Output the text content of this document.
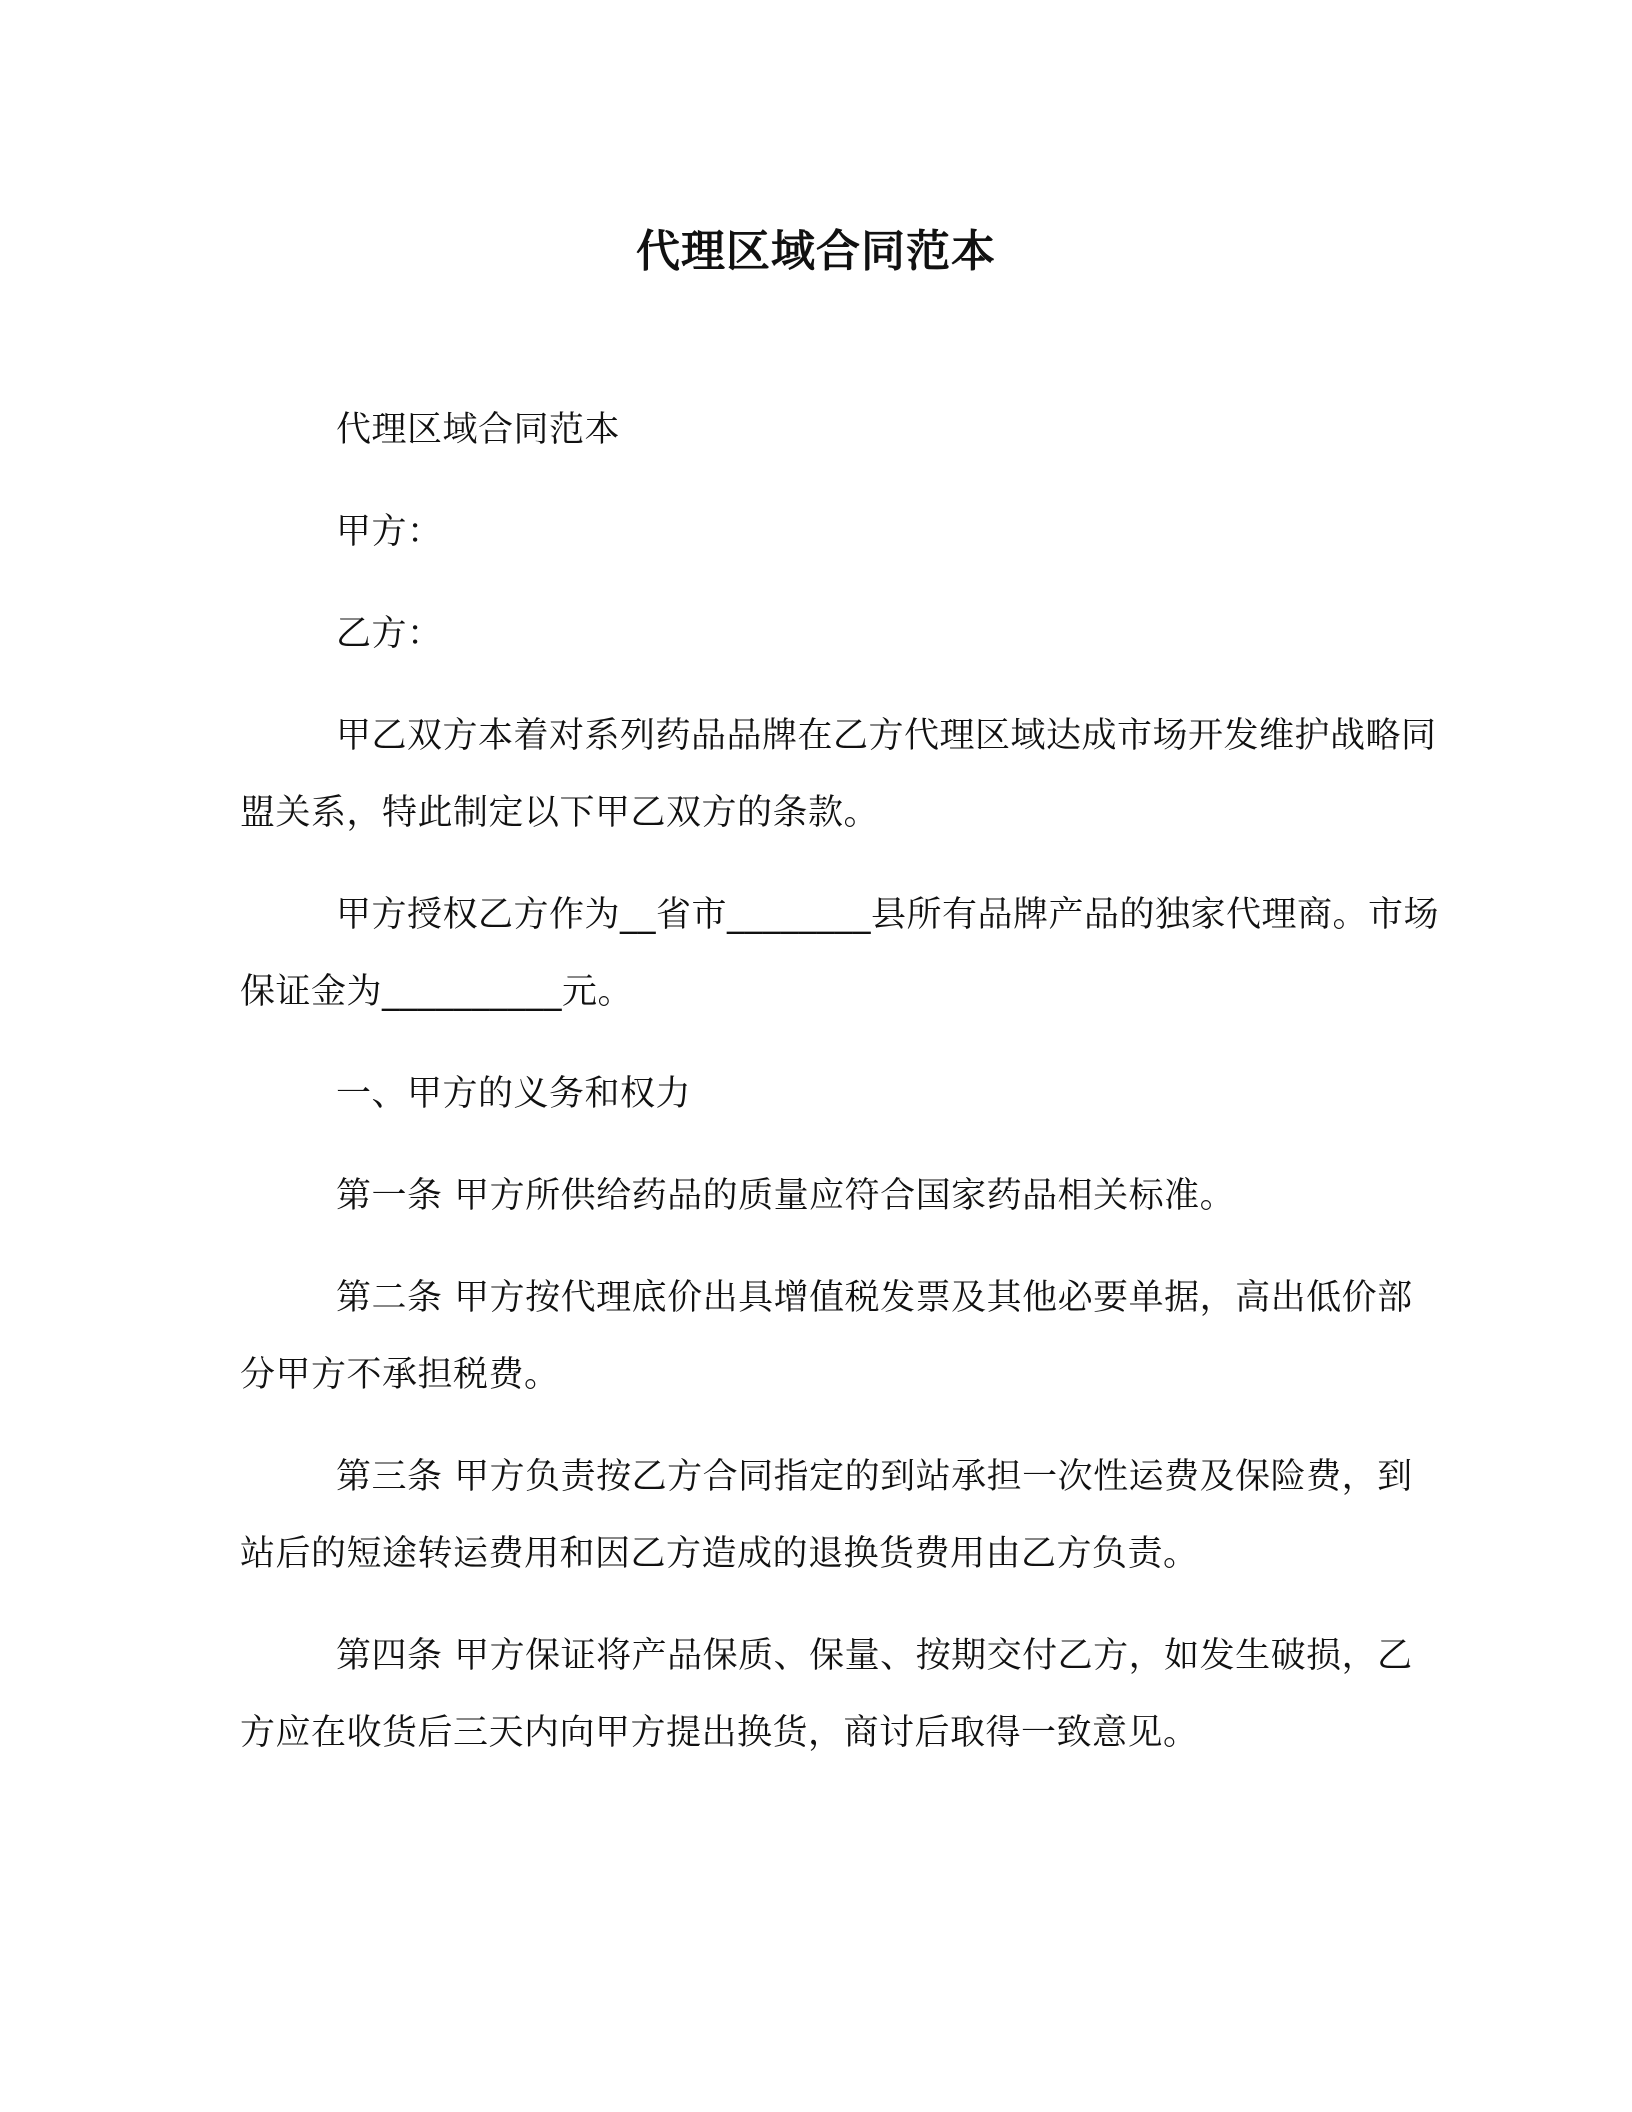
代理区域合同范本

代理区域合同范本

甲方：

乙方：

甲乙双方本着对系列药品品牌在乙方代理区域达成市场开发维护战略同盟关系，特此制定以下甲乙双方的条款。

甲方授权乙方作为__省市________县所有品牌产品的独家代理商。市场保证金为__________元。

一、甲方的义务和权力

第一条 甲方所供给药品的质量应符合国家药品相关标准。

第二条 甲方按代理底价出具增值税发票及其他必要单据，高出低价部分甲方不承担税费。

第三条 甲方负责按乙方合同指定的到站承担一次性运费及保险费，到站后的短途转运费用和因乙方造成的退换货费用由乙方负责。

第四条 甲方保证将产品保质、保量、按期交付乙方，如发生破损，乙方应在收货后三天内向甲方提出换货，商讨后取得一致意见。
